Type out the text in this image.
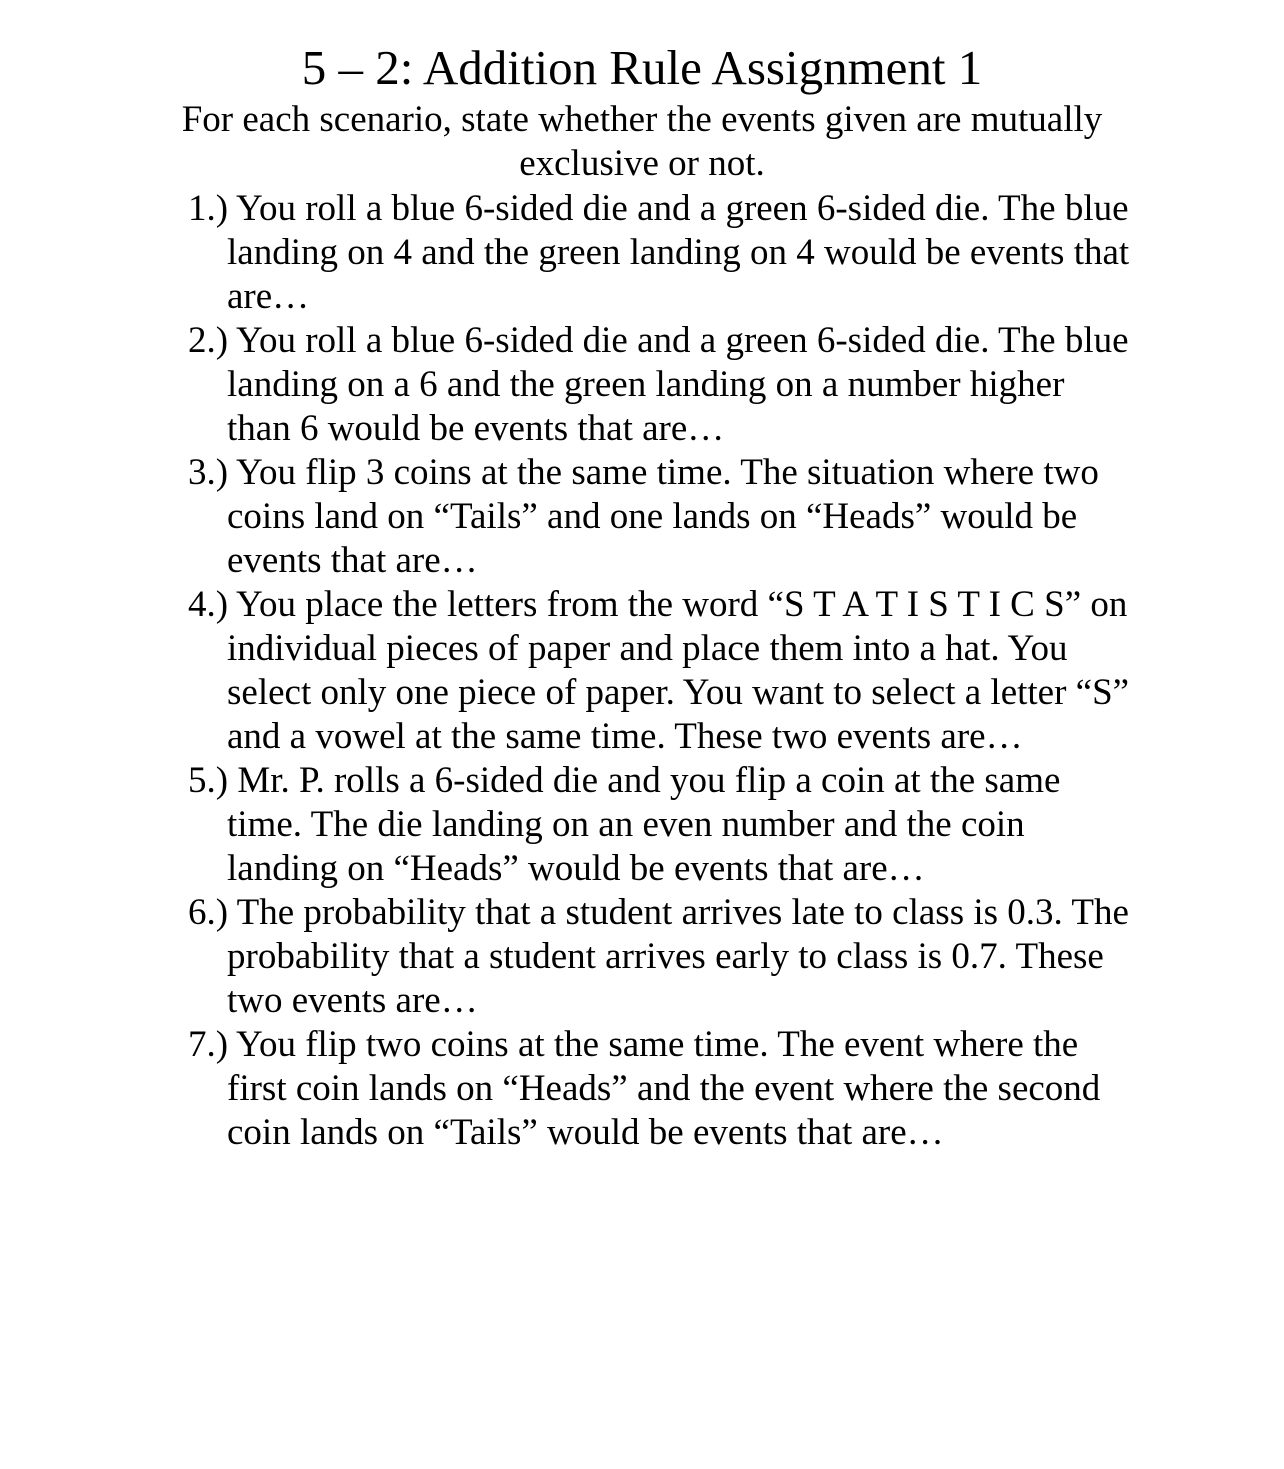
5 – 2: Addition Rule Assignment 1

For each scenario, state whether the events given are mutually exclusive or not.

1.) You roll a blue 6-sided die and a green 6-sided die. The blue landing on 4 and the green landing on 4 would be events that are…
2.) You roll a blue 6-sided die and a green 6-sided die. The blue landing on a 6 and the green landing on a number higher than 6 would be events that are…
3.) You flip 3 coins at the same time. The situation where two coins land on “Tails” and one lands on “Heads” would be events that are…
4.) You place the letters from the word “S T A T I S T I C S” on individual pieces of paper and place them into a hat. You select only one piece of paper. You want to select a letter “S” and a vowel at the same time. These two events are…
5.) Mr. P. rolls a 6-sided die and you flip a coin at the same time. The die landing on an even number and the coin landing on “Heads” would be events that are…
6.) The probability that a student arrives late to class is 0.3. The probability that a student arrives early to class is 0.7. These two events are…
7.) You flip two coins at the same time. The event where the first coin lands on “Heads” and the event where the second coin lands on “Tails” would be events that are…
